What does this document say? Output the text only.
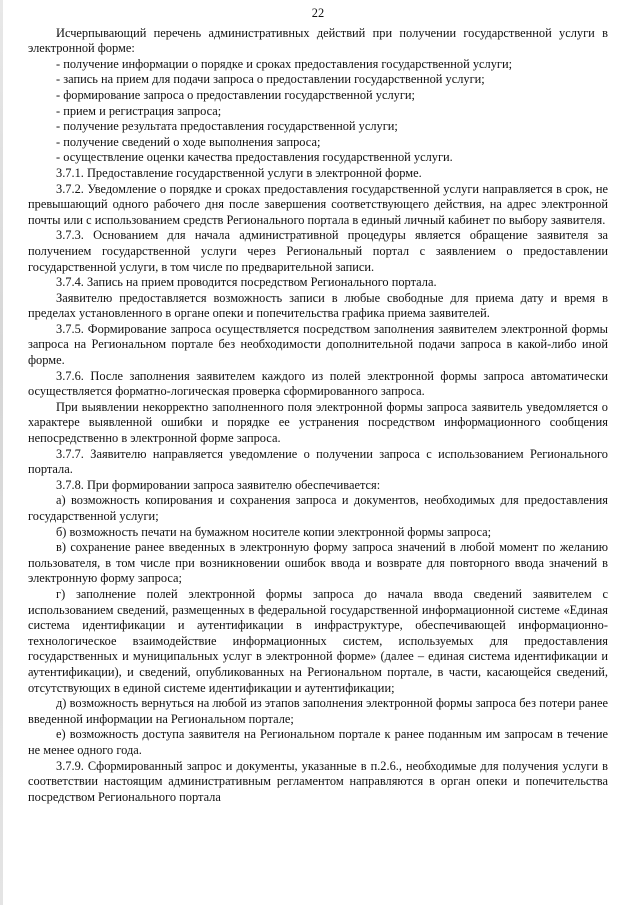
22

Исчерпывающий перечень административных действий при получении государственной услуги в электронной форме:

- получение информации о порядке и сроках предоставления государственной услуги;

- запись на прием для подачи запроса о предоставлении государственной услуги;

- формирование запроса о предоставлении государственной услуги;

- прием и регистрация запроса;

- получение результата предоставления государственной услуги;

- получение сведений о ходе выполнения запроса;

- осуществление оценки качества предоставления государственной услуги.

3.7.1. Предоставление государственной услуги в электронной форме.

3.7.2. Уведомление о порядке и сроках предоставления государственной услуги направляется в срок, не превышающий одного рабочего дня после завершения соответствующего действия, на адрес электронной почты или с использованием средств Регионального портала в единый личный кабинет по выбору заявителя.

3.7.3. Основанием для начала административной процедуры является обращение заявителя за получением государственной услуги через Региональный портал с заявлением о предоставлении государственной услуги, в том числе по предварительной записи.

3.7.4. Запись на прием проводится посредством Регионального портала.

Заявителю предоставляется возможность записи в любые свободные для приема дату и время в пределах установленного в органе опеки и попечительства графика приема заявителей.

3.7.5. Формирование запроса осуществляется посредством заполнения заявителем электронной формы запроса на Региональном портале без необходимости дополнительной подачи запроса в какой-либо иной форме.

3.7.6. После заполнения заявителем каждого из полей электронной формы запроса автоматически осуществляется форматно-логическая проверка сформированного запроса.

При выявлении некорректно заполненного поля электронной формы запроса заявитель уведомляется о характере выявленной ошибки и порядке ее устранения посредством информационного сообщения непосредственно в электронной форме запроса.

3.7.7. Заявителю направляется уведомление о получении запроса с использованием Регионального портала.

3.7.8. При формировании запроса заявителю обеспечивается:

а) возможность копирования и сохранения запроса и документов, необходимых для предоставления государственной услуги;

б) возможность печати на бумажном носителе копии электронной формы запроса;

в) сохранение ранее введенных в электронную форму запроса значений в любой момент по желанию пользователя, в том числе при возникновении ошибок ввода и возврате для повторного ввода значений в электронную форму запроса;

г) заполнение полей электронной формы запроса до начала ввода сведений заявителем с использованием сведений, размещенных в федеральной государственной информационной системе «Единая система идентификации и аутентификации в инфраструктуре, обеспечивающей информационно-технологическое взаимодействие информационных систем, используемых для предоставления государственных и муниципальных услуг в электронной форме» (далее – единая система идентификации и аутентификации), и сведений, опубликованных на Региональном портале, в части, касающейся сведений, отсутствующих в единой системе идентификации и аутентификации;

д) возможность вернуться на любой из этапов заполнения электронной формы запроса без потери ранее введенной информации на Региональном портале;

е) возможность доступа заявителя на Региональном портале к ранее поданным им запросам в течение не менее одного года.

3.7.9. Сформированный запрос и документы, указанные в п.2.6., необходимые для получения услуги в соответствии настоящим административным регламентом направляются в орган опеки и попечительства посредством Регионального портала
